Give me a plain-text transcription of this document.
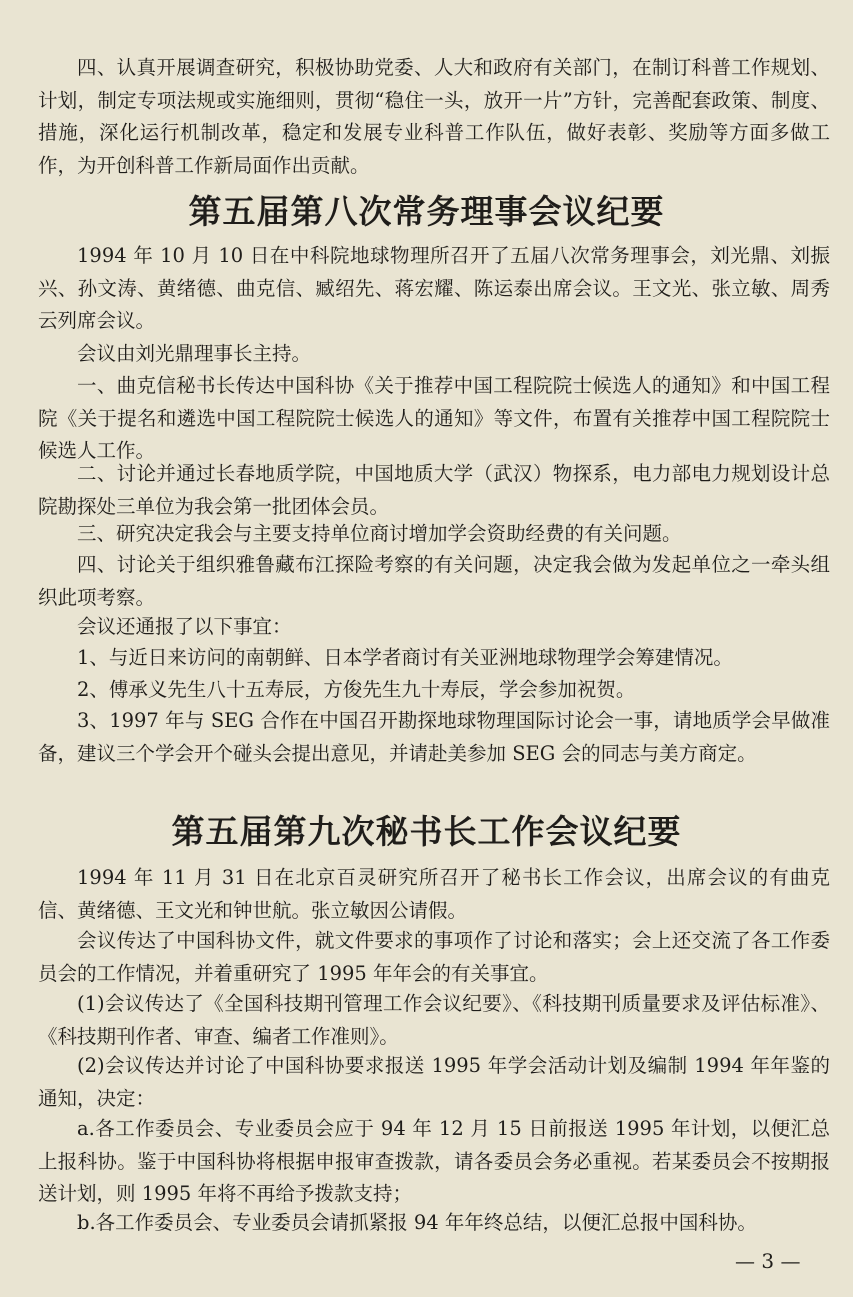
四、认真开展调查研究，积极协助党委、人大和政府有关部门，在制订科普工作规划、计划，制定专项法规或实施细则，贯彻“稳住一头，放开一片”方针，完善配套政策、制度、措施，深化运行机制改革，稳定和发展专业科普工作队伍，做好表彰、奖励等方面多做工作，为开创科普工作新局面作出贡献。

第五届第八次常务理事会议纪要

1994 年 10 月 10 日在中科院地球物理所召开了五届八次常务理事会，刘光鼎、刘振兴、孙文涛、黄绪德、曲克信、臧绍先、蒋宏耀、陈运泰出席会议。王文光、张立敏、周秀云列席会议。

会议由刘光鼎理事长主持。

一、曲克信秘书长传达中国科协《关于推荐中国工程院院士候选人的通知》和中国工程院《关于提名和遴选中国工程院院士候选人的通知》等文件，布置有关推荐中国工程院院士候选人工作。

二、讨论并通过长春地质学院，中国地质大学（武汉）物探系，电力部电力规划设计总院勘探处三单位为我会第一批团体会员。

三、研究决定我会与主要支持单位商讨增加学会资助经费的有关问题。

四、讨论关于组织雅鲁藏布江探险考察的有关问题，决定我会做为发起单位之一牵头组织此项考察。

会议还通报了以下事宜：

1、与近日来访问的南朝鲜、日本学者商讨有关亚洲地球物理学会筹建情况。

2、傅承义先生八十五寿辰，方俊先生九十寿辰，学会参加祝贺。

3、1997 年与 SEG 合作在中国召开勘探地球物理国际讨论会一事，请地质学会早做准备，建议三个学会开个碰头会提出意见，并请赴美参加 SEG 会的同志与美方商定。

第五届第九次秘书长工作会议纪要

1994 年 11 月 31 日在北京百灵研究所召开了秘书长工作会议，出席会议的有曲克信、黄绪德、王文光和钟世航。张立敏因公请假。

会议传达了中国科协文件，就文件要求的事项作了讨论和落实；会上还交流了各工作委员会的工作情况，并着重研究了 1995 年年会的有关事宜。

(1)会议传达了《全国科技期刊管理工作会议纪要》、《科技期刊质量要求及评估标准》、《科技期刊作者、审查、编者工作准则》。

(2)会议传达并讨论了中国科协要求报送 1995 年学会活动计划及编制 1994 年年鉴的通知，决定：

a.各工作委员会、专业委员会应于 94 年 12 月 15 日前报送 1995 年计划，以便汇总上报科协。鉴于中国科协将根据申报审查拨款，请各委员会务必重视。若某委员会不按期报送计划，则 1995 年将不再给予拨款支持；

b.各工作委员会、专业委员会请抓紧报 94 年年终总结，以便汇总报中国科协。

— 3 —
